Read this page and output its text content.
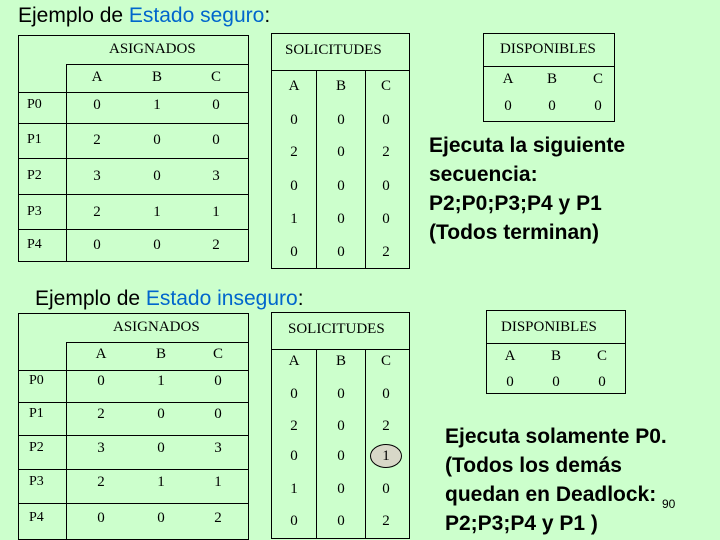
Ejemplo de Estado seguro:
ASIGNADOS
A	B	C
P0	0	1	0
P1	2	0	0
P2	3	0	3
P3	2	1	1
P4	0	0	2
SOLICITUDES
A	B	C
0	0	0
2	0	2
0	0	0
1	0	0
0	0	2
DISPONIBLES
A	B	C
0	0	0
Ejecuta la siguiente
secuencia:
P2;P0;P3;P4 y P1
(Todos terminan)
Ejemplo de Estado inseguro:
ASIGNADOS
A	B	C
P0	0	1	0
P1	2	0	0
P2	3	0	3
P3	2	1	1
P4	0	0	2
SOLICITUDES
A	B	C
0	0	0
2	0	2
0	0	1
1	0	0
0	0	2
DISPONIBLES
A	B	C
0	0	0
Ejecuta solamente P0.
(Todos los demás
quedan en Deadlock:
P2;P3;P4 y P1 )
90
